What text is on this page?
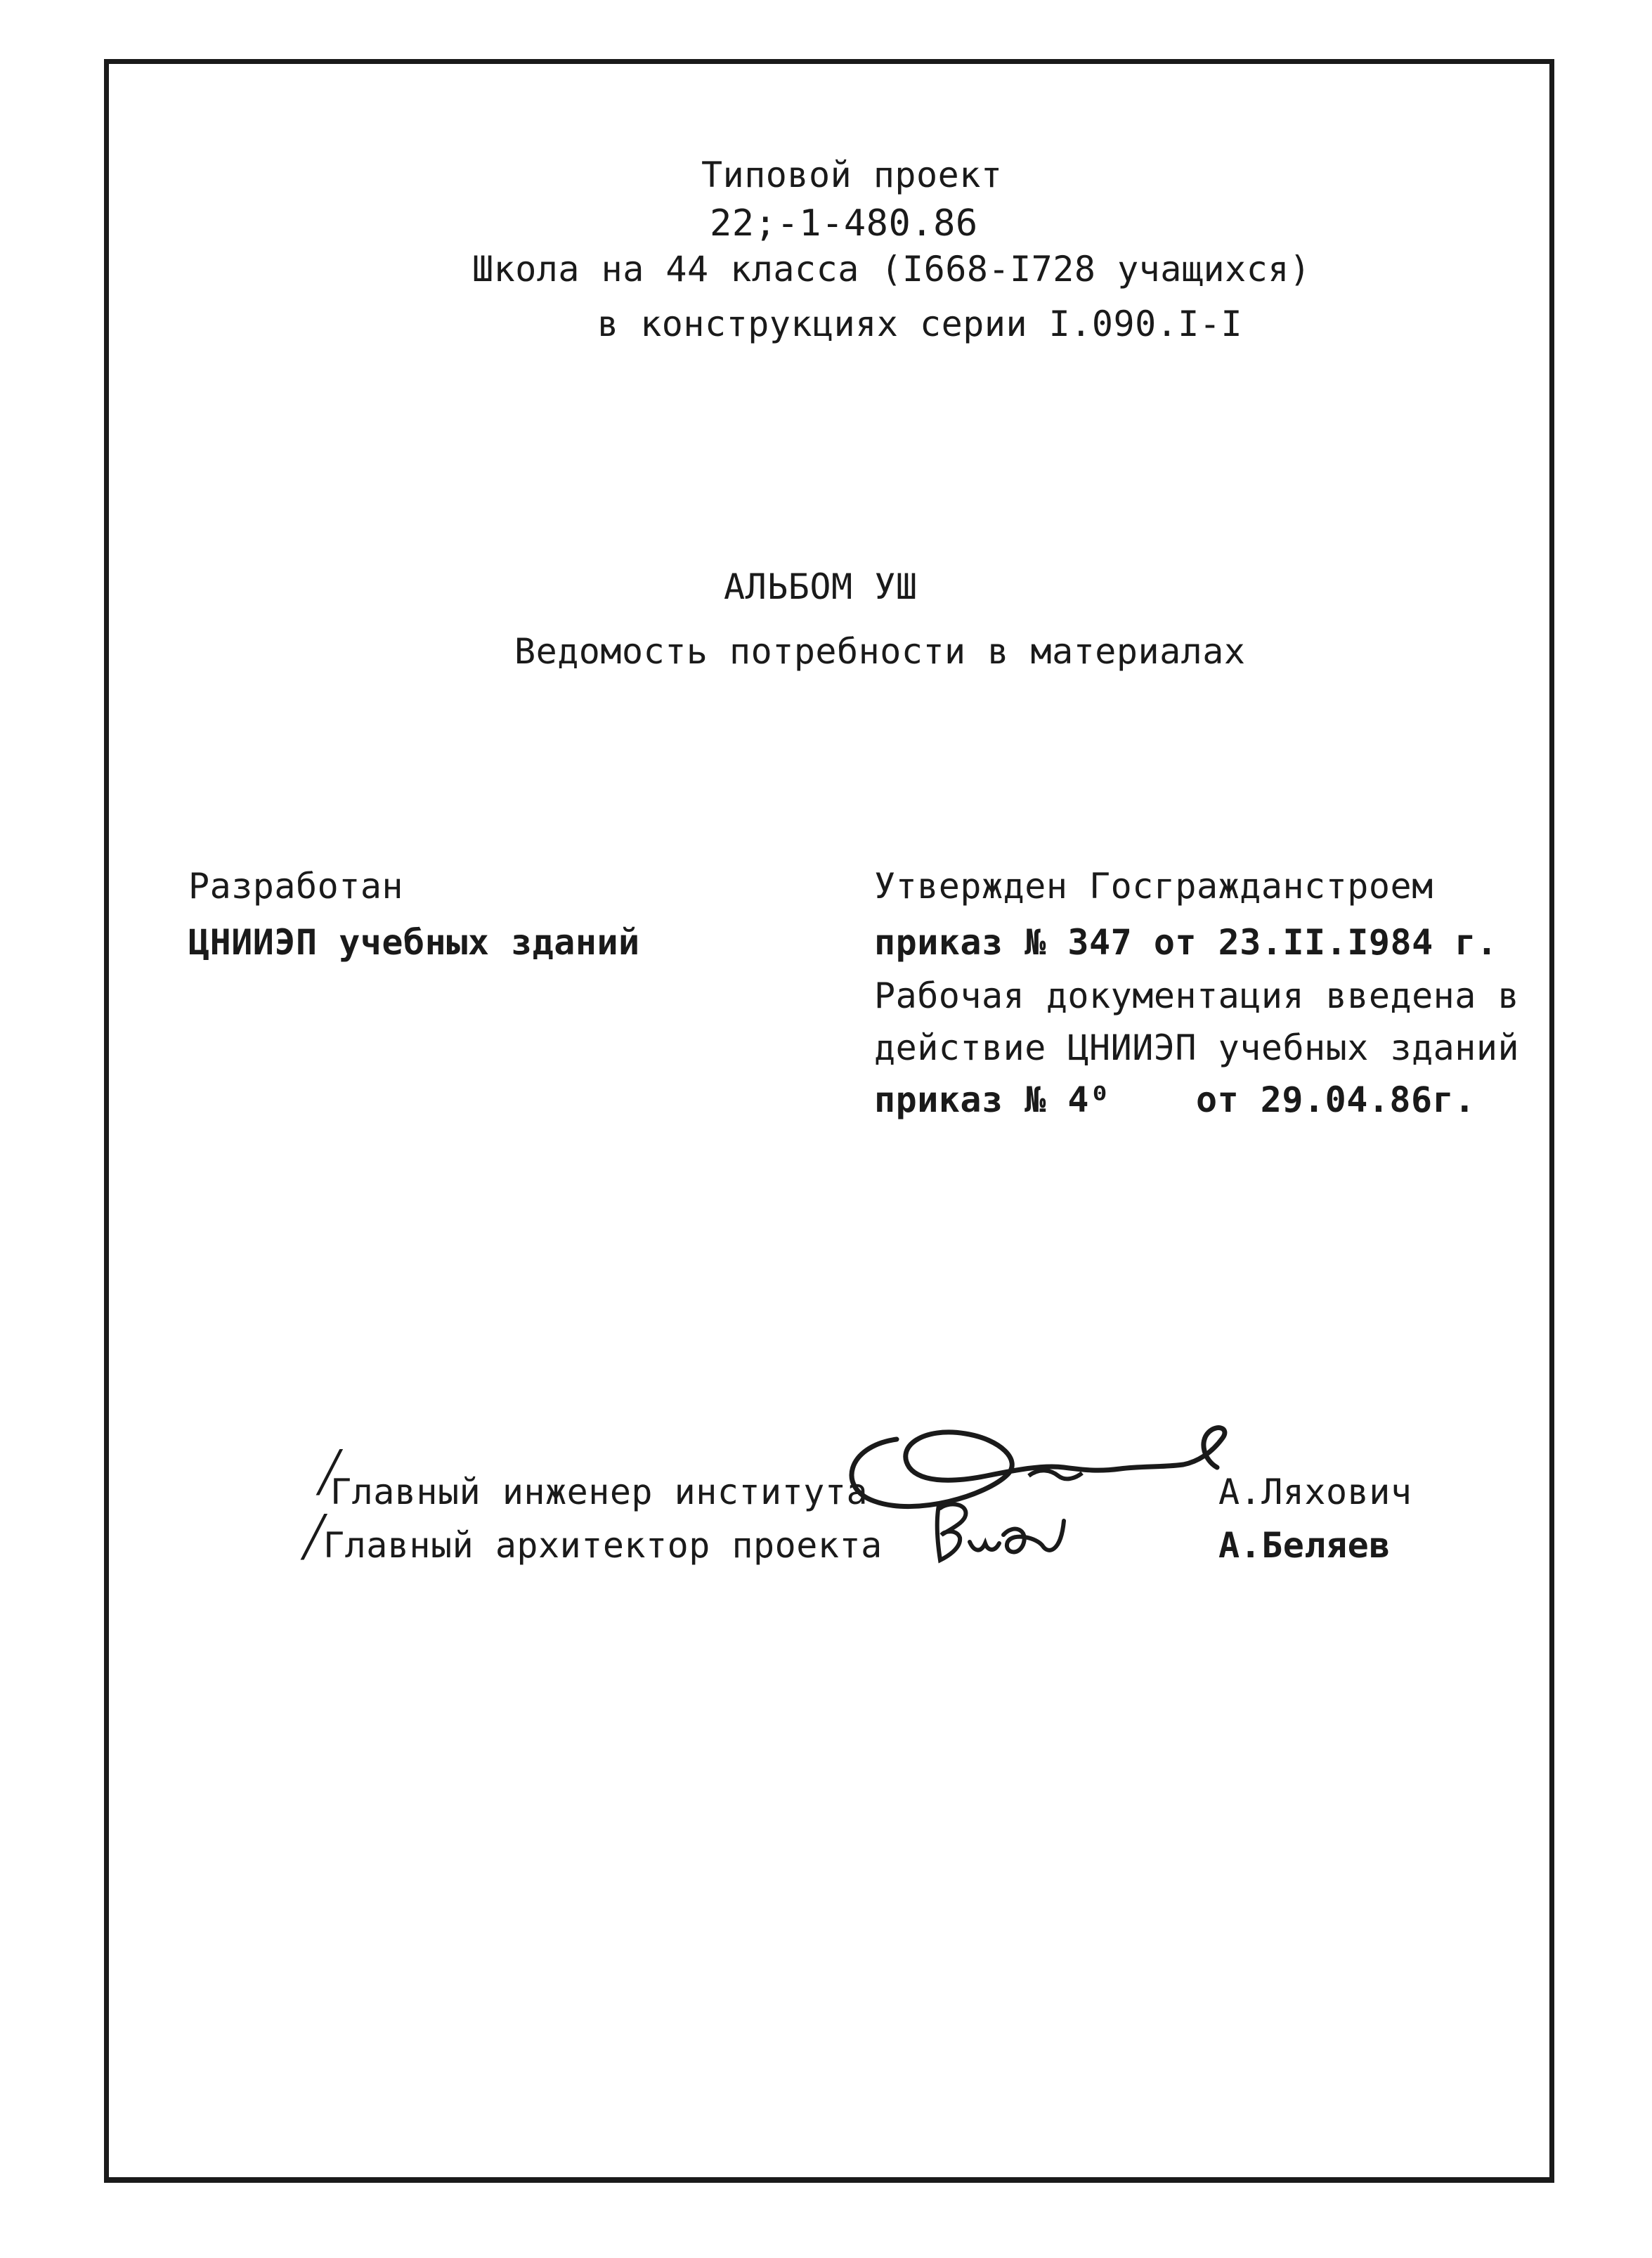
Типовой проект
22;-1-480.86
Школа на 44 класса (I668-I728 учащихся)
в конструкциях серии I.090.I-I
АЛЬБОМ УШ
Ведомость потребности в материалах
Разработан
ЦНИИЭП учебных зданий
Утвержден Госгражданстроем
приказ № 347 от 23.II.I984 г.
Рабочая документация введена в
действие ЦНИИЭП учебных зданий
приказ № 4⁰ от 29.04.86г.
╱
Главный инженер института	А.Ляхович
╱
Главный архитектор проекта	А.Беляев
